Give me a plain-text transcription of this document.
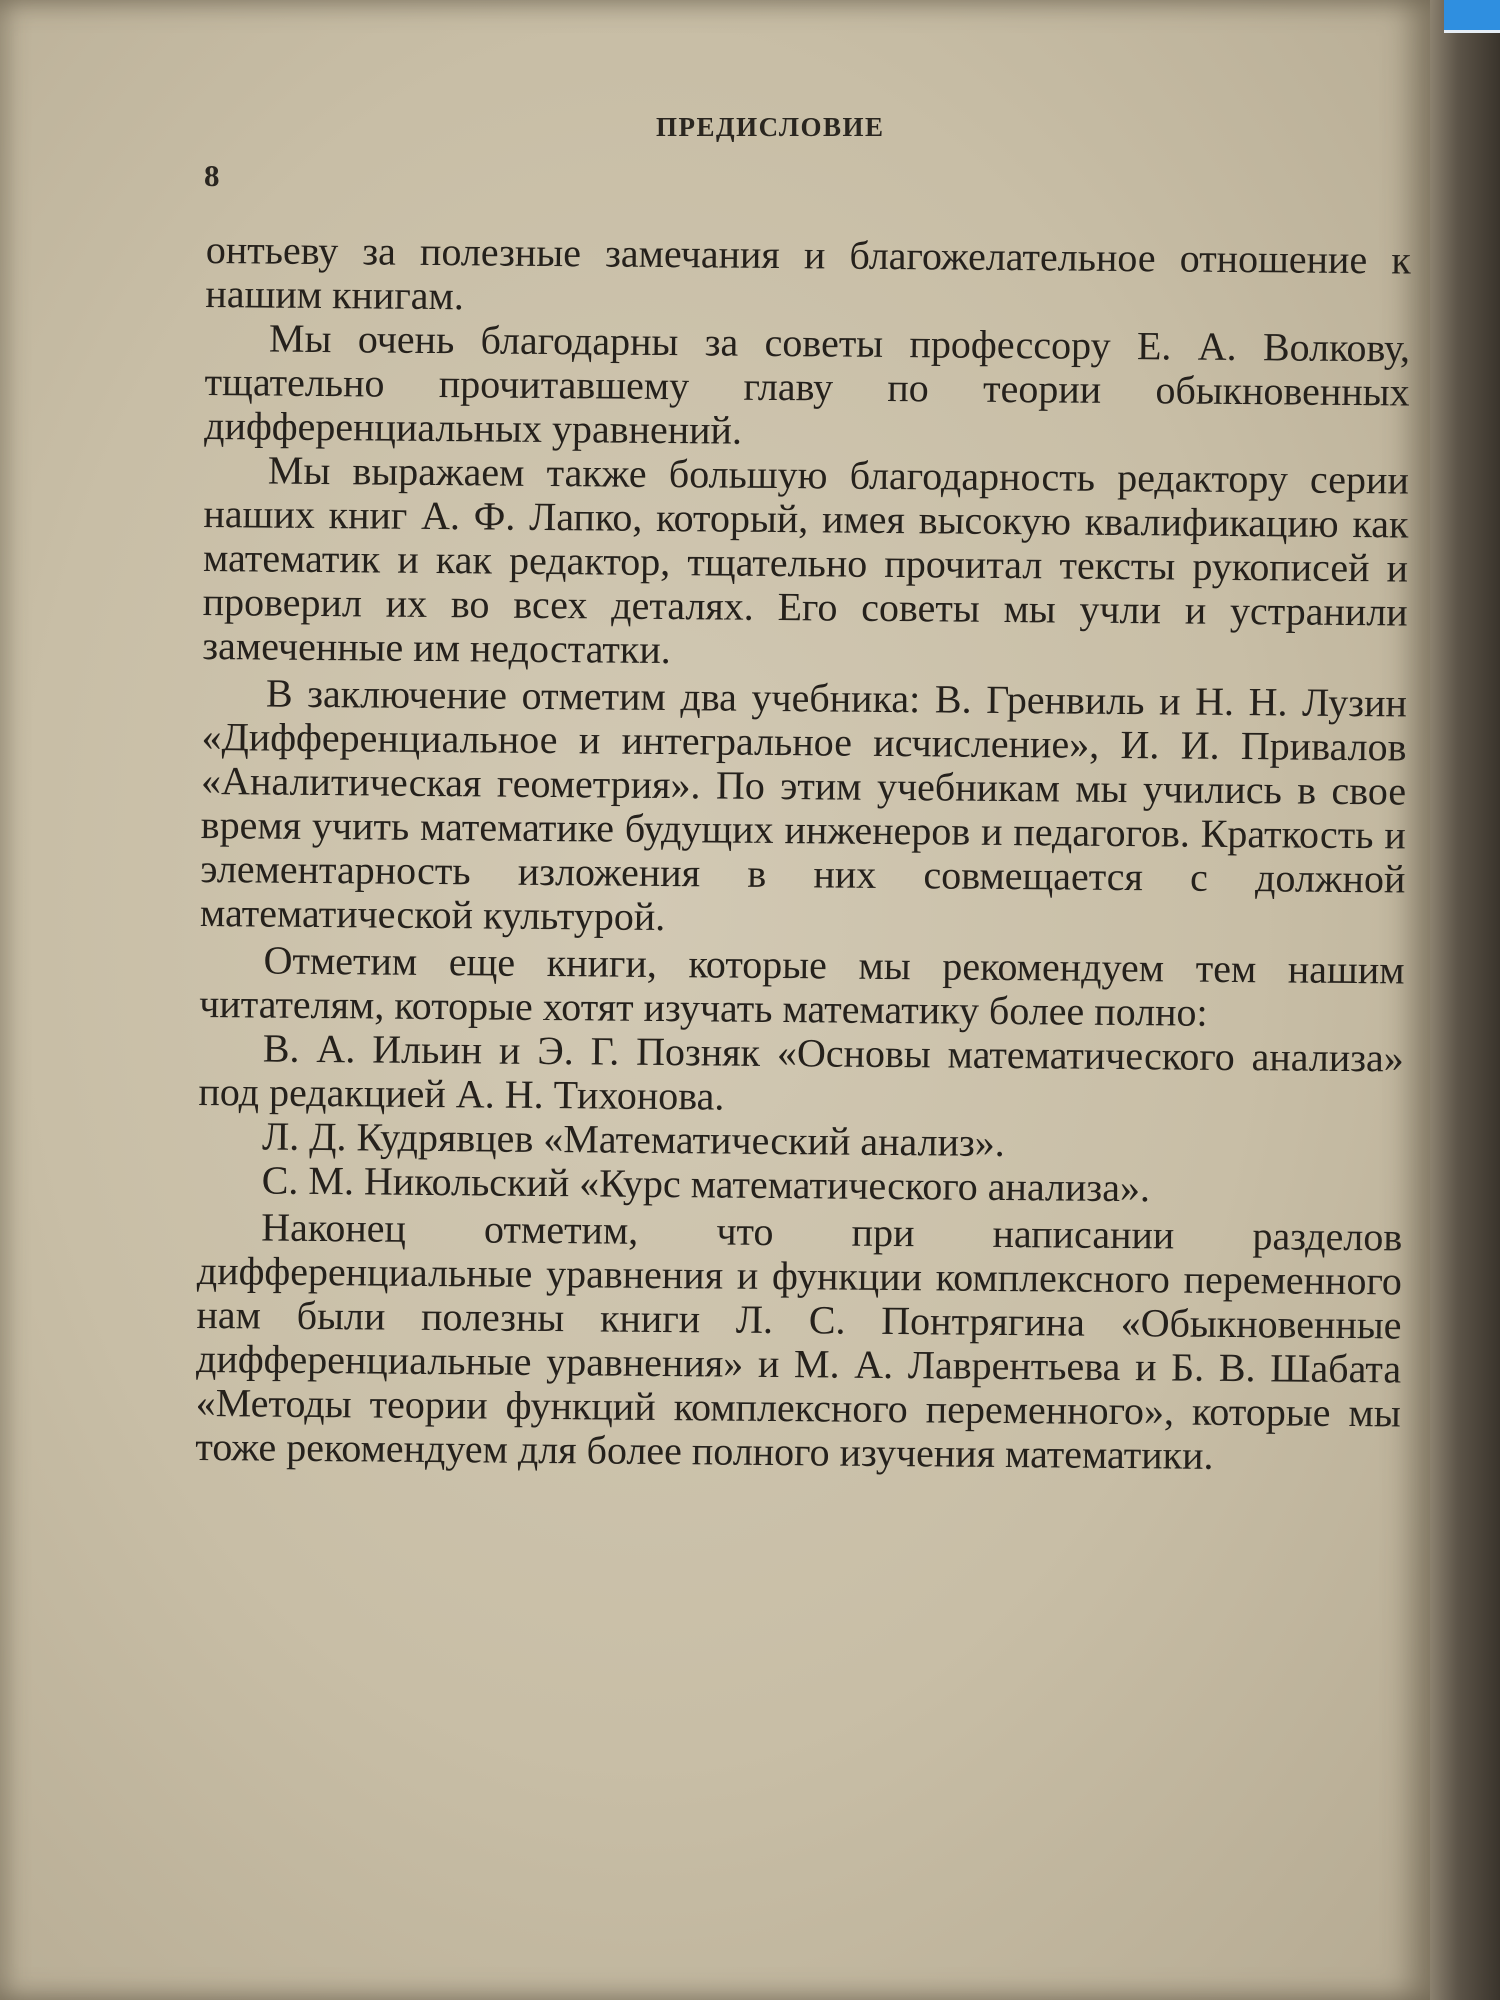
ПРЕДИСЛОВИЕ
8

онтьеву за полезные замечания и благожелательное отношение к нашим книгам.

Мы очень благодарны за советы профессору Е. А. Волкову, тщательно прочитавшему главу по теории обыкновенных дифференциальных уравнений.

Мы выражаем также большую благодарность редактору серии наших книг А. Ф. Лапко, который, имея высокую квалификацию как математик и как редактор, тщательно прочитал тексты рукописей и проверил их во всех деталях. Его советы мы учли и устранили замеченные им недостатки.

В заключение отметим два учебника: В. Гренвиль и Н. Н. Лузин «Дифференциальное и интегральное исчисление», И. И. Привалов «Аналитическая геометрия». По этим учебникам мы учились в свое время учить математике будущих инженеров и педагогов. Краткость и элементарность изложения в них совмещается с должной математической культурой.

Отметим еще книги, которые мы рекомендуем тем нашим читателям, которые хотят изучать математику более полно:

В. А. Ильин и Э. Г. Позняк «Основы математического анализа» под редакцией А. Н. Тихонова.

Л. Д. Кудрявцев «Математический анализ».

С. М. Никольский «Курс математического анализа».

Наконец отметим, что при написании разделов дифференциальные уравнения и функции комплексного переменного нам были полезны книги Л. С. Понтрягина «Обыкновенные дифференциальные уравнения» и М. А. Лаврентьева и Б. В. Шабата «Методы теории функций комплексного переменного», которые мы тоже рекомендуем для более полного изучения математики.
